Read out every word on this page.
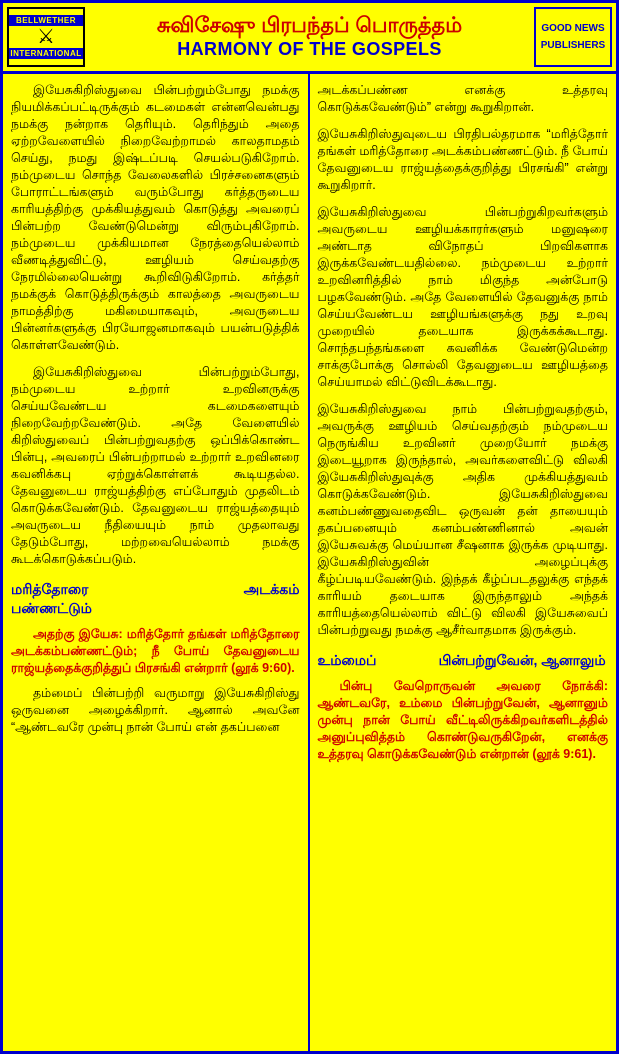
BELLWETHER
⚔
INTERNATIONAL
சுவிசேஷு பிரபந்தப் பொருத்தம்
HARMONY OF THE GOSPELS
GOOD NEWS
PUBLISHERS

இயேசுகிறிஸ்துவை பின்பற்றும்போது நமக்கு நியமிக்கப்பட்டிருக்கும் கடமைகள் என்னவென்பது நமக்கு நன்றாக தெரியும். தெரிந்தும் அதை ஏற்றவேளையில் நிறைவேற்றாமல் காலதாமதம் செய்து, நமது இஷ்டப்படி செயல்படுகிறோம். நம்முடைய சொந்த வேலைகளில் பிரச்சனைகளும் போராட்டங்களும் வரும்போது கர்த்தருடைய காரியத்திற்கு முக்கியத்துவம் கொடுத்து அவரைப் பின்பற்ற வேண்டுமென்று விரும்புகிறோம். நம்முடைய முக்கியமான நேரத்தையெல்லாம் வீணடித்துவிட்டு, ஊழியம் செய்வதற்கு நேரமில்லையென்று கூறிவிடுகிறோம். கர்த்தர் நமக்குக் கொடுத்திருக்கும் காலத்தை அவருடைய நாமத்திற்கு மகிமையாகவும், அவருடைய பின்னர்களுக்கு பிரயோஜனமாகவும் பயன்படுத்திக் கொள்ளவேண்டும்.

இயேசுகிறிஸ்துவை பின்பற்றும்போது, நம்முடைய உற்றார் உறவினருக்கு செய்யவேண்டய கடமைகளையும் நிறைவேற்றவேண்டும். அதே வேளையில் கிறிஸ்துவைப் பின்பற்றுவதற்கு ஒப்பிக்கொண்ட பின்பு, அவரைப் பின்பற்றாமல் உற்றார் உறவினரை கவனிக்கபு ஏற்றுக்கொள்ளக் கூடியதல்ல. தேவனுடைய ராஜ்யத்திற்கு எப்போதும் முதலிடம் கொடுக்கவேண்டும். தேவனுடைய ராஜ்யத்தையும் அவருடைய நீதியையும் நாம் முதலாவது தேடும்போது, மற்றவையெல்லாம் நமக்கு கூடக்கொடுக்கப்படும்.

மரித்தோரை                   அடக்கம் பண்ணட்டும்

அதற்கு இயேசு: மரித்தோர் தங்கள் மரித்தோரை அடக்கம்பண்ணட்டும்; நீ போய் தேவனுடைய ராஜ்யத்தைக்குறித்துப் பிரசங்கி என்றார் (லூக் 9:60).

தம்மைப் பின்பற்றி வருமாறு இயேசுகிறிஸ்து ஒருவனை அழைக்கிறார். ஆனால் அவனே “ஆண்டவரே முன்பு நான் போய் என் தகப்பனை

அடக்கப்பண்ண எனக்கு உத்தரவு கொடுக்கவேண்டும்” என்று கூறுகிறான்.

இயேசுகிறிஸ்துவுடைய பிரதிபல்தரமாக “மரித்தோர் தங்கள் மரித்தோரை அடக்கம்பண்ணட்டும். நீ போய் தேவனுடைய ராஜ்யத்தைக்குறித்து பிரசங்கி” என்று கூறுகிறார்.

இயேசுகிறிஸ்துவை பின்பற்றுகிறவர்களும் அவருடைய ஊழியக்காரர்களும் மனுஷரை அண்டாத விநோதப் பிறவிகளாக இருக்கவேண்டயதில்லை. நம்முடைய உற்றார் உறவினரித்தில் நாம் மிகுந்த அன்போடு பழகவேண்டும். அதே வேளையில் தேவனுக்கு நாம் செய்யவேண்டய ஊழியங்களுக்கு நது உறவு முறையில் தடையாக இருக்கக்கூடாது. சொந்தபந்தங்களை கவனிக்க வேண்டுமென்ற சாக்குபோக்கு சொல்லி தேவனுடைய ஊழியத்தை செய்யாமல் விட்டுவிடக்கூடாது.

இயேசுகிறிஸ்துவை நாம் பின்பற்றுவதற்கும், அவருக்கு ஊழியம் செய்வதற்கும் நம்முடைய நெருங்கிய உறவினர் முறையோர் நமக்கு இடையூறாக இருந்தால், அவர்களைவிட்டு விலகி இயேசுகிறிஸ்துவுக்கு அதிக முக்கியத்துவம் கொடுக்கவேண்டும். இயேசுகிறிஸ்துவை கனம்பண்ணுவதைவிட ஒருவன் தன் தாயையும் தகப்பனையும் கனம்பண்ணினால் அவன் இயேசுவக்கு மெய்யான சீஷனாக இருக்க முடியாது. இயேசுகிறிஸ்துவின் அழைப்புக்கு கீழ்ப்படியவேண்டும். இந்தக் கீழ்ப்படதலுக்கு எந்தக் காரியம் தடையாக இருந்தாலும் அந்தக் காரியத்தையெல்லாம் விட்டு விலகி இயேசுவைப் பின்பற்றுவது நமக்கு ஆசீர்வாதமாக இருக்கும்.

உம்மைப்                பின்பற்றுவேன், ஆனாலும்

பின்பு வேறொருவன் அவரை நோக்கி: ஆண்டவரே, உம்மை பின்பற்றுவேன், ஆனானும் முன்பு நான் போய் வீட்டிலிருக்கிறவர்களிடத்தில் அனுப்புவித்தம் கொண்டுவருகிறேன், எனக்கு உத்தரவு கொடுக்கவேண்டும் என்றான் (லூக் 9:61).
